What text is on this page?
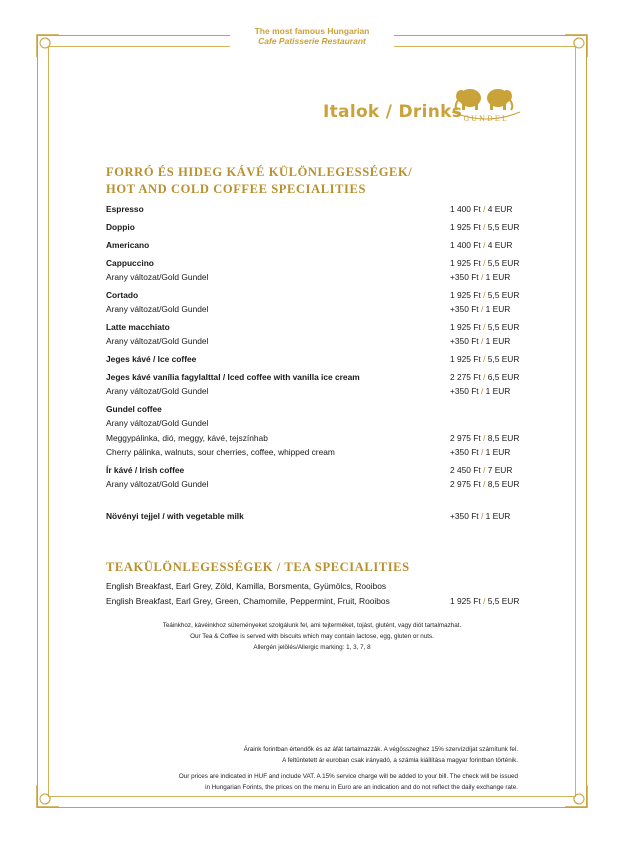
The most famous Hungarian
Cafe Patisserie Restaurant
Italok / Drinks GUNDEL
FORRÓ ÉS HIDEG KÁVÉ KÜLÖNLEGESSÉGEK/
HOT AND COLD COFFEE SPECIALITIES
Espresso	1 400 Ft / 4 EUR
Doppio	1 925 Ft / 5,5 EUR
Americano	1 400 Ft / 4 EUR
Cappuccino	1 925 Ft / 5,5 EUR
Arany változat/Gold Gundel	+350 Ft / 1 EUR
Cortado	1 925 Ft / 5,5 EUR
Arany változat/Gold Gundel	+350 Ft / 1 EUR
Latte macchiato	1 925 Ft / 5,5 EUR
Arany változat/Gold Gundel	+350 Ft / 1 EUR
Jeges kávé / Ice coffee	1 925 Ft / 5,5 EUR
Jeges kávé vanília fagylalttal / Iced coffee with vanilla ice cream	2 275 Ft / 6,5 EUR
Arany változat/Gold Gundel	+350 Ft / 1 EUR
Gundel coffee
Arany változat/Gold Gundel
Meggypálinka, dió, meggy, kávé, tejszínhab	2 975 Ft / 8,5 EUR
Cherry pálinka, walnuts, sour cherries, coffee, whipped cream	+350 Ft / 1 EUR
Ír kávé / Irish coffee	2 450 Ft / 7 EUR
Arany változat/Gold Gundel	2 975 Ft / 8,5 EUR
Növényi tejjel / with vegetable milk	+350 Ft / 1 EUR
TEAKÜLÖNLEGESSÉGEK / TEA SPECIALITIES
English Breakfast, Earl Grey, Zöld, Kamilla, Borsmenta, Gyümölcs, Rooibos
English Breakfast, Earl Grey, Green, Chamomile, Peppermint, Fruit, Rooibos	1 925 Ft / 5,5 EUR
Teáinkhoz, kávéinkhoz süteményeket szolgálunk fel, ami tejterméket, tojást, glutént, vagy diót tartalmazhat.
Our Tea & Coffee is served with biscuits which may contain lactose, egg, gluten or nuts.
Allergén jelölés/Allergic marking: 1, 3, 7, 8
Áraink forintban értendők és az áfát tartalmazzák. A végösszeghez 15% szervízdíjat számítunk fel.
A feltüntetett ár euroban csak irányadó, a számla kiállítása magyar forintban történik.
Our prices are indicated in HUF and include VAT. A 15% service charge will be added to your bill. The check will be issued
in Hungarian Forints, the prices on the menu in Euro are an indication and do not reflect the daily exchange rate.
